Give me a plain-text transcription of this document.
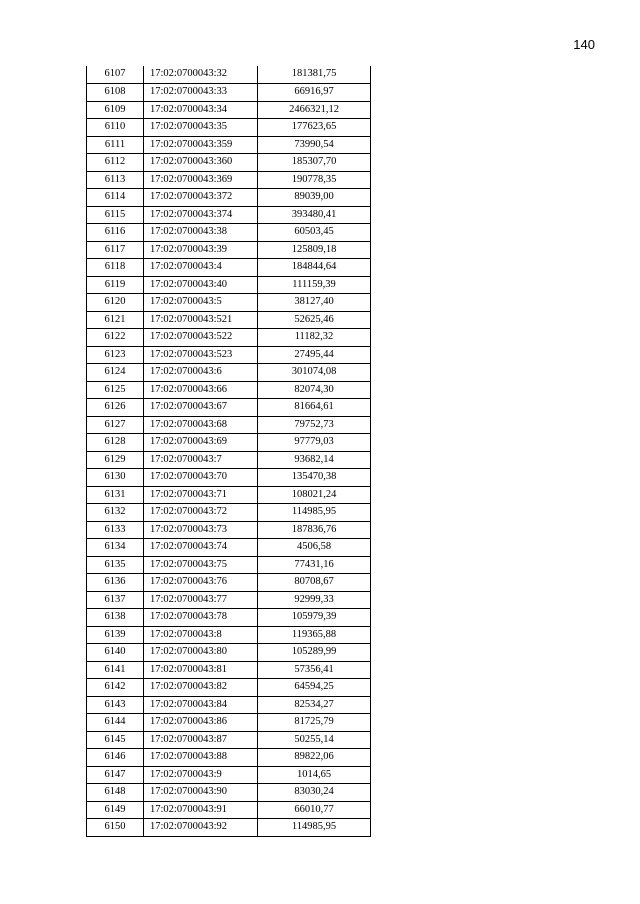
140
6107	17:02:0700043:32	181381,75
6108	17:02:0700043:33	66916,97
6109	17:02:0700043:34	2466321,12
6110	17:02:0700043:35	177623,65
6111	17:02:0700043:359	73990,54
6112	17:02:0700043:360	185307,70
6113	17:02:0700043:369	190778,35
6114	17:02:0700043:372	89039,00
6115	17:02:0700043:374	393480,41
6116	17:02:0700043:38	60503,45
6117	17:02:0700043:39	125809,18
6118	17:02:0700043:4	184844,64
6119	17:02:0700043:40	111159,39
6120	17:02:0700043:5	38127,40
6121	17:02:0700043:521	52625,46
6122	17:02:0700043:522	11182,32
6123	17:02:0700043:523	27495,44
6124	17:02:0700043:6	301074,08
6125	17:02:0700043:66	82074,30
6126	17:02:0700043:67	81664,61
6127	17:02:0700043:68	79752,73
6128	17:02:0700043:69	97779,03
6129	17:02:0700043:7	93682,14
6130	17:02:0700043:70	135470,38
6131	17:02:0700043:71	108021,24
6132	17:02:0700043:72	114985,95
6133	17:02:0700043:73	187836,76
6134	17:02:0700043:74	4506,58
6135	17:02:0700043:75	77431,16
6136	17:02:0700043:76	80708,67
6137	17:02:0700043:77	92999,33
6138	17:02:0700043:78	105979,39
6139	17:02:0700043:8	119365,88
6140	17:02:0700043:80	105289,99
6141	17:02:0700043:81	57356,41
6142	17:02:0700043:82	64594,25
6143	17:02:0700043:84	82534,27
6144	17:02:0700043:86	81725,79
6145	17:02:0700043:87	50255,14
6146	17:02:0700043:88	89822,06
6147	17:02:0700043:9	1014,65
6148	17:02:0700043:90	83030,24
6149	17:02:0700043:91	66010,77
6150	17:02:0700043:92	114985,95
